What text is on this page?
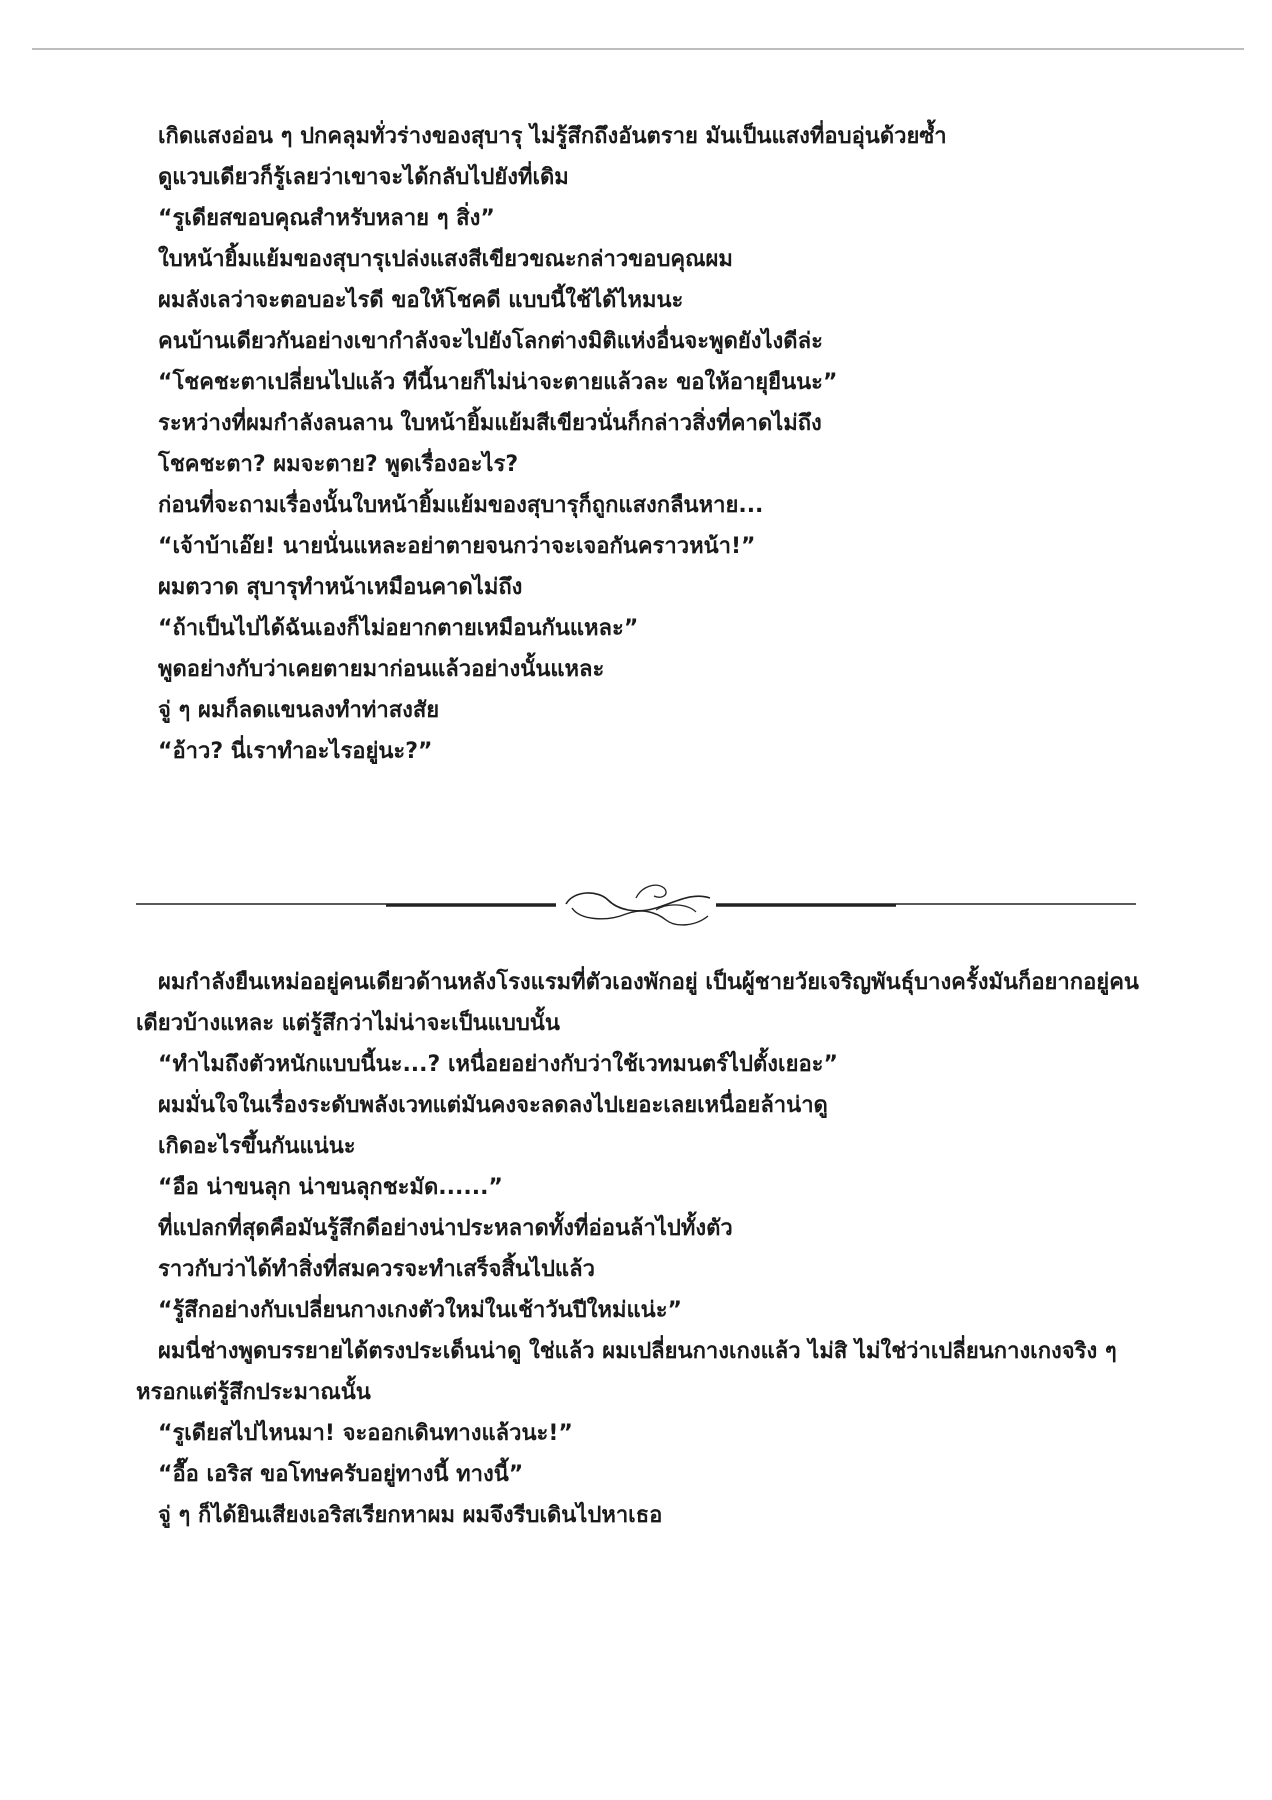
เกิดแสงอ่อน ๆ ปกคลุมทั่วร่างของสุบารุ ไม่รู้สึกถึงอันตราย มันเป็นแสงที่อบอุ่นด้วยซ้ำ

ดูแวบเดียวก็รู้เลยว่าเขาจะได้กลับไปยังที่เดิม

“รูเดียสขอบคุณสำหรับหลาย ๆ สิ่ง”

ใบหน้ายิ้มแย้มของสุบารุเปล่งแสงสีเขียวขณะกล่าวขอบคุณผม

ผมลังเลว่าจะตอบอะไรดี ขอให้โชคดี แบบนี้ใช้ได้ไหมนะ

คนบ้านเดียวกันอย่างเขากำลังจะไปยังโลกต่างมิติแห่งอื่นจะพูดยังไงดีล่ะ

“โชคชะตาเปลี่ยนไปแล้ว ทีนี้นายก็ไม่น่าจะตายแล้วละ ขอให้อายุยืนนะ”

ระหว่างที่ผมกำลังลนลาน ใบหน้ายิ้มแย้มสีเขียวนั่นก็กล่าวสิ่งที่คาดไม่ถึง

โชคชะตา? ผมจะตาย? พูดเรื่องอะไร?

ก่อนที่จะถามเรื่องนั้นใบหน้ายิ้มแย้มของสุบารุก็ถูกแสงกลืนหาย...

“เจ้าบ้าเอ๊ย! นายนั่นแหละอย่าตายจนกว่าจะเจอกันคราวหน้า!”

ผมตวาด สุบารุทำหน้าเหมือนคาดไม่ถึง

“ถ้าเป็นไปได้ฉันเองก็ไม่อยากตายเหมือนกันแหละ”

พูดอย่างกับว่าเคยตายมาก่อนแล้วอย่างนั้นแหละ

จู่ ๆ ผมก็ลดแขนลงทำท่าสงสัย

“อ้าว? นี่เราทำอะไรอยู่นะ?”

ผมกำลังยืนเหม่ออยู่คนเดียวด้านหลังโรงแรมที่ตัวเองพักอยู่ เป็นผู้ชายวัยเจริญพันธุ์บางครั้งมันก็อยากอยู่คนเดียวบ้างแหละ แต่รู้สึกว่าไม่น่าจะเป็นแบบนั้น

“ทำไมถึงตัวหนักแบบนี้นะ...? เหนื่อยอย่างกับว่าใช้เวทมนตร์ไปตั้งเยอะ”

ผมมั่นใจในเรื่องระดับพลังเวทแต่มันคงจะลดลงไปเยอะเลยเหนื่อยล้าน่าดู

เกิดอะไรขึ้นกันแน่นะ

“อือ น่าขนลุก น่าขนลุกชะมัด......”

ที่แปลกที่สุดคือมันรู้สึกดีอย่างน่าประหลาดทั้งที่อ่อนล้าไปทั้งตัว

ราวกับว่าได้ทำสิ่งที่สมควรจะทำเสร็จสิ้นไปแล้ว

“รู้สึกอย่างกับเปลี่ยนกางเกงตัวใหม่ในเช้าวันปีใหม่แน่ะ”

ผมนี่ช่างพูดบรรยายได้ตรงประเด็นน่าดู ใช่แล้ว ผมเปลี่ยนกางเกงแล้ว ไม่สิ ไม่ใช่ว่าเปลี่ยนกางเกงจริง ๆ หรอกแต่รู้สึกประมาณนั้น

“รูเดียสไปไหนมา! จะออกเดินทางแล้วนะ!”

“อื๊อ เอริส ขอโทษครับอยู่ทางนี้ ทางนี้”

จู่ ๆ ก็ได้ยินเสียงเอริสเรียกหาผม ผมจึงรีบเดินไปหาเธอ
